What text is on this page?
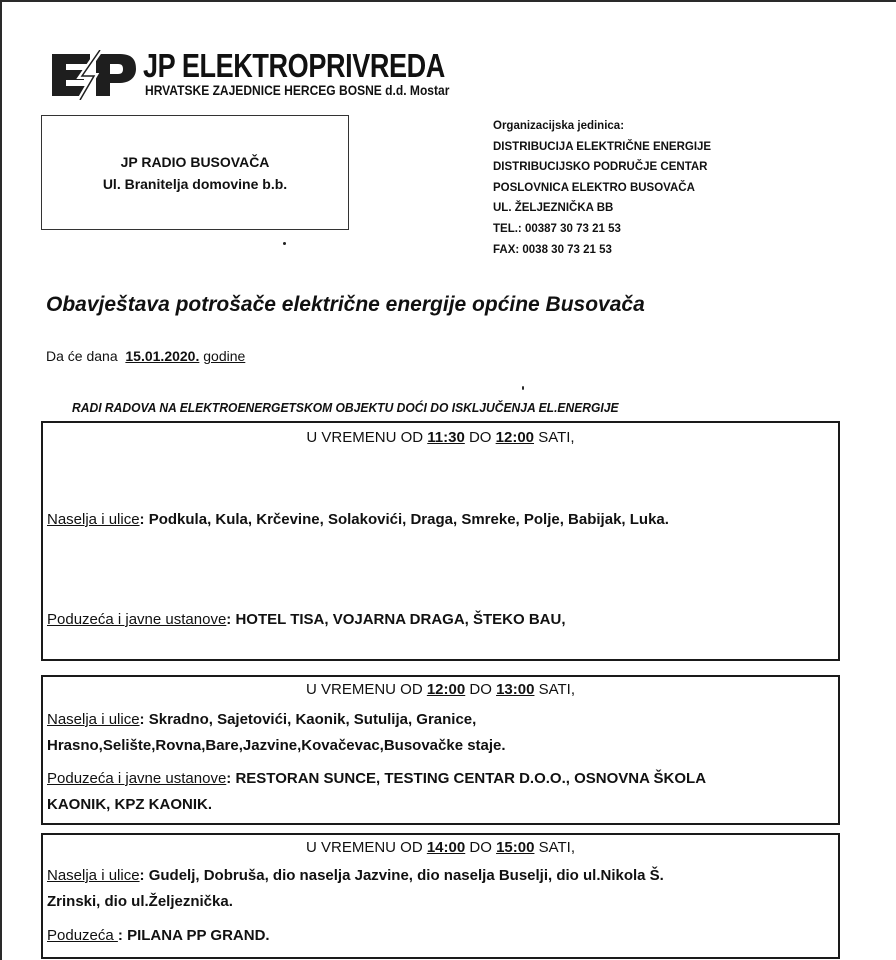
JP ELEKTROPRIVREDA
HRVATSKE ZAJEDNICE HERCEG BOSNE d.d. Mostar
JP RADIO BUSOVAČA
Ul. Branitelja domovine b.b.
Organizacijska jedinica:
DISTRIBUCIJA ELEKTRIČNE ENERGIJE
DISTRIBUCIJSKO PODRUČJE CENTAR
POSLOVNICA ELEKTRO BUSOVAČA
UL. ŽELJEZNIČKA BB
TEL.: 00387 30 73 21 53
FAX: 0038 30 73 21 53
Obavještava potrošače električne energije općine Busovača
Da će dana 15.01.2020. godine
RADI RADOVA NA ELEKTROENERGETSKOM OBJEKTU DOĆI DO ISKLJUČENJA EL.ENERGIJE
U VREMENU OD 11:30 DO 12:00 SATI,
Naselja i ulice: Podkula, Kula, Krčevine, Solakovići, Draga, Smreke, Polje, Babijak, Luka.
Poduzeća i javne ustanove: HOTEL TISA, VOJARNA DRAGA, ŠTEKO BAU,
U VREMENU OD 12:00 DO 13:00 SATI,
Naselja i ulice: Skradno, Sajetovići, Kaonik, Sutulija, Granice,
Hrasno,Selište,Rovna,Bare,Jazvine,Kovačevac,Busovačke staje.
Poduzeća i javne ustanove: RESTORAN SUNCE, TESTING CENTAR D.O.O., OSNOVNA ŠKOLA
KAONIK, KPZ KAONIK.
U VREMENU OD 14:00 DO 15:00 SATI,
Naselja i ulice: Gudelj, Dobruša, dio naselja Jazvine, dio naselja Buselji, dio ul.Nikola Š.
Zrinski, dio ul.Željeznička.
Poduzeća : PILANA PP GRAND.
